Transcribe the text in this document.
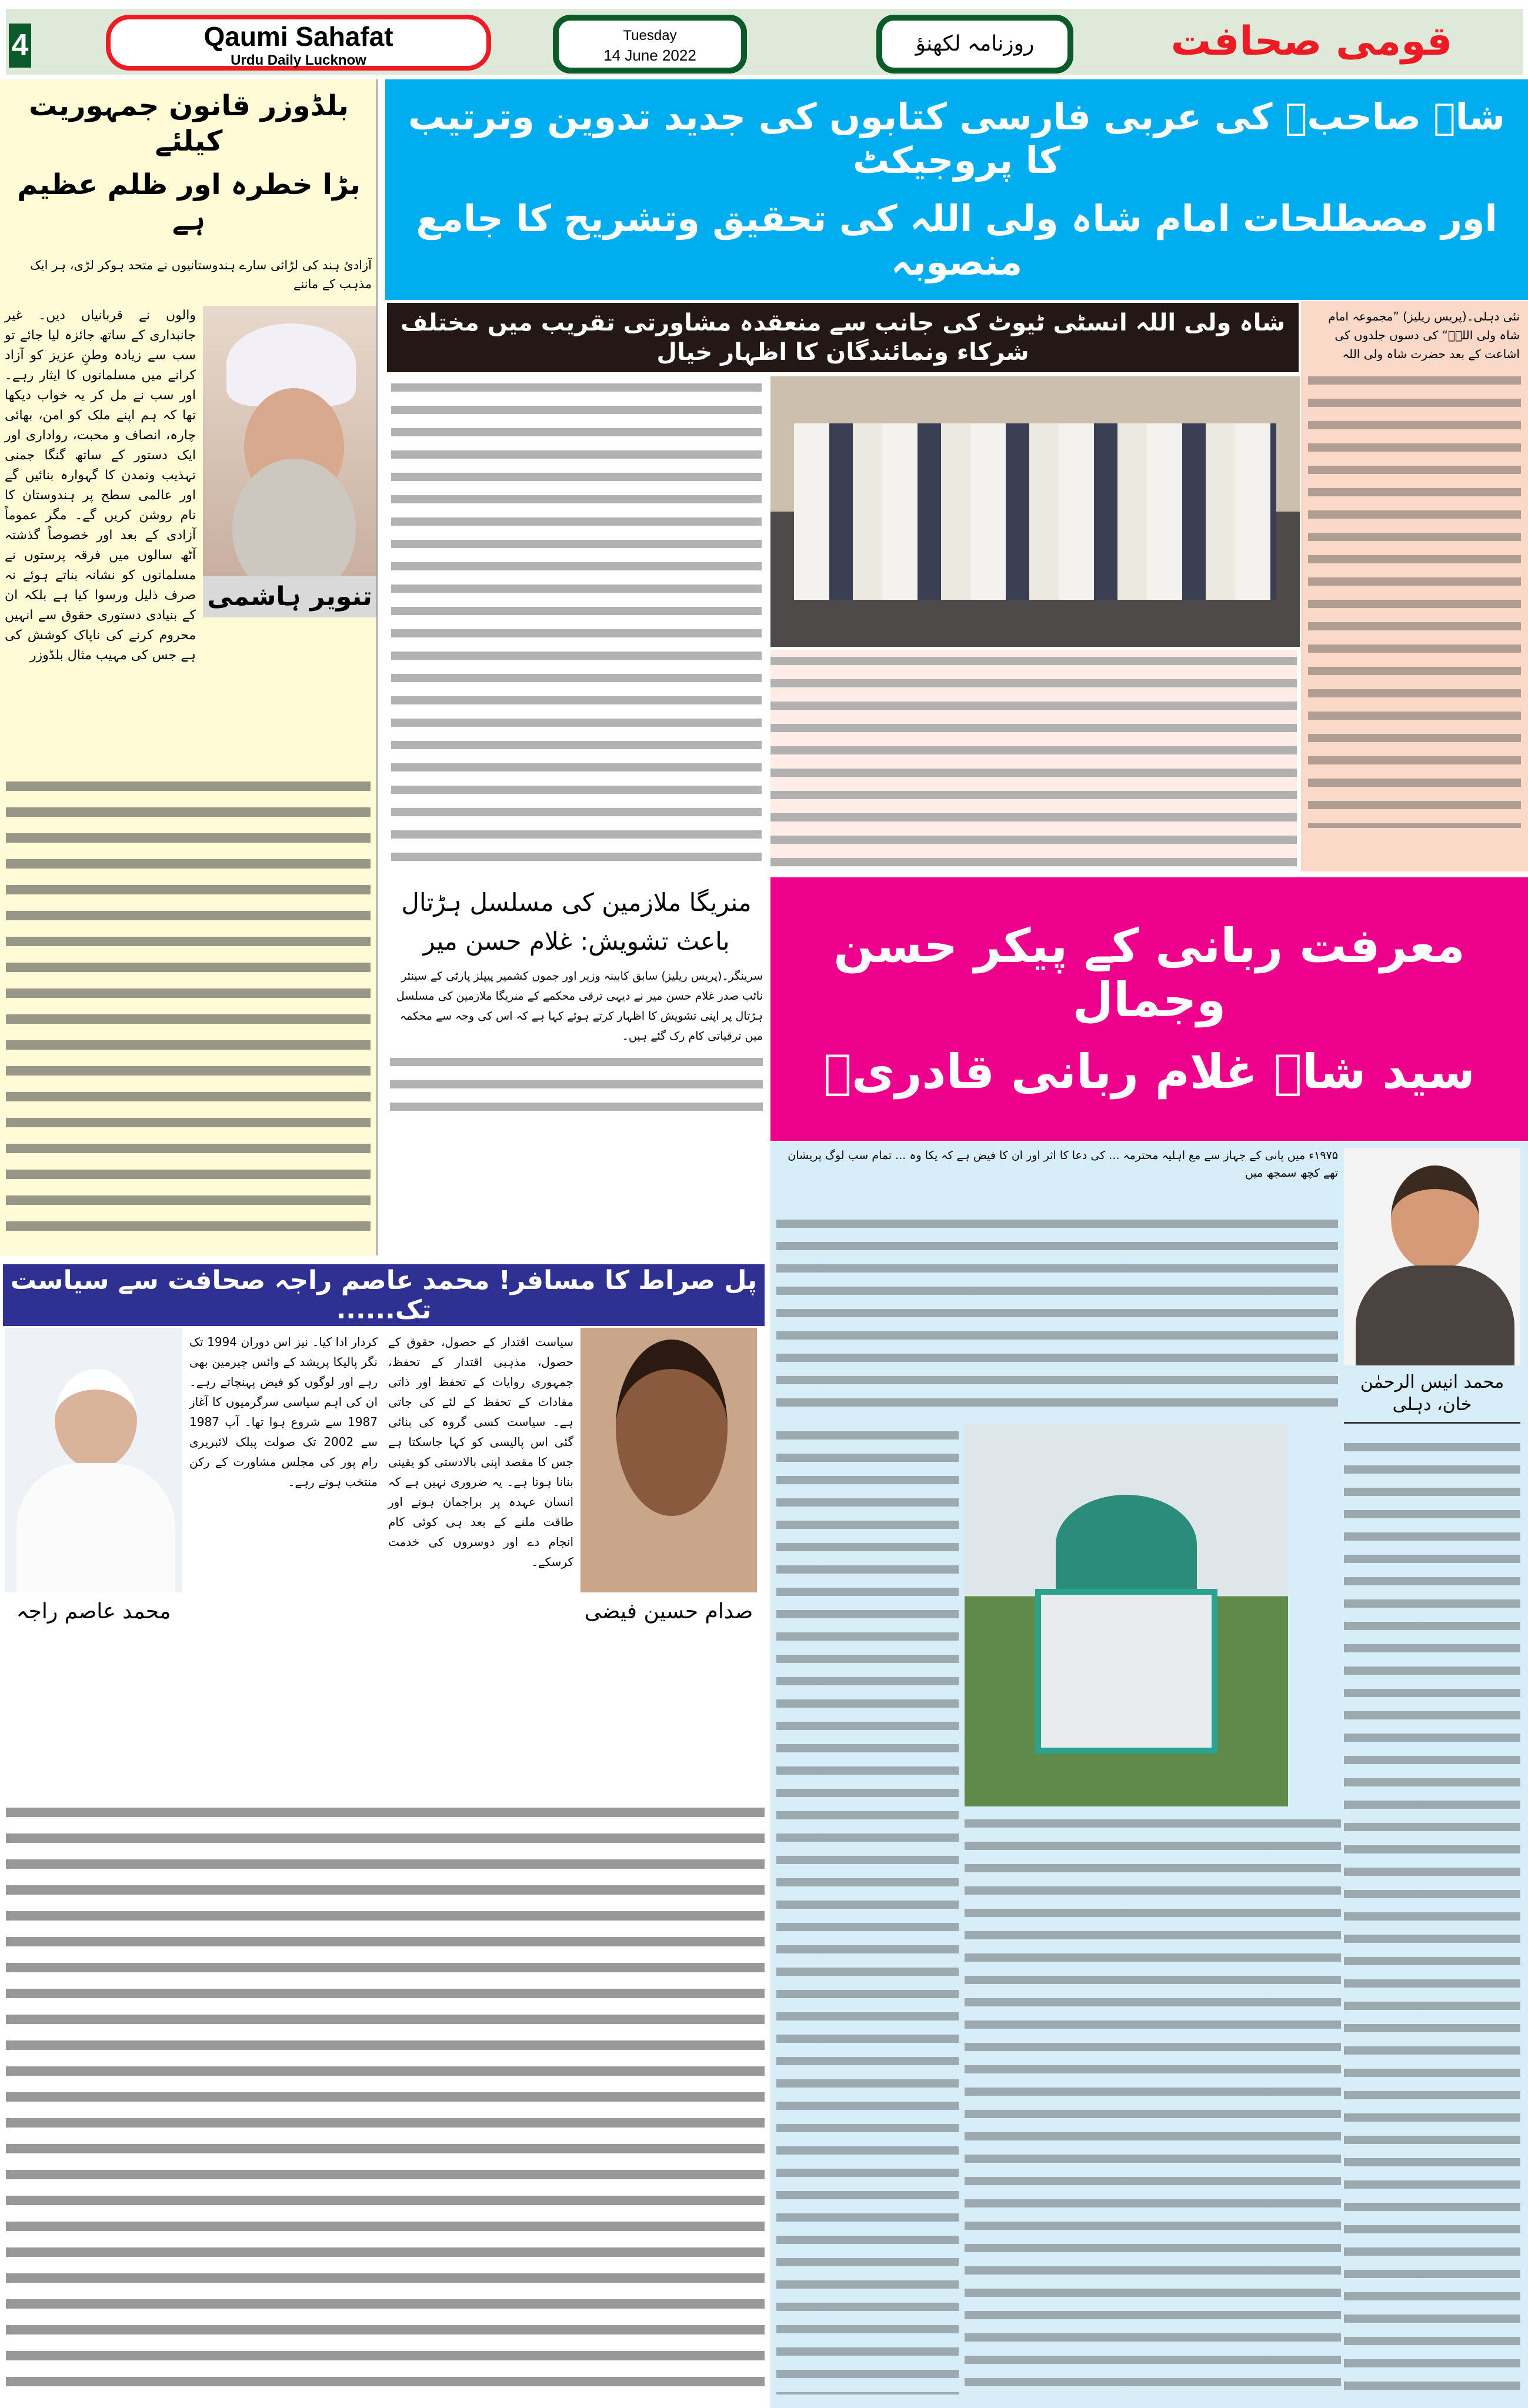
4	Qaumi Sahafat
Urdu Daily Lucknow
Tuesday
14 June 2022	روزنامہ لکھنؤ	قومی صحافت
بلڈوزر قانون جمہوریت کیلئے
بڑا خطرہ اور ظلم عظیم ہے
آزادیٔ ہند کی لڑائی سارے ہندوستانیوں نے متحد ہوکر لڑی، ہر ایک مذہب کے ماننے
تنویر ہاشمی
والوں نے قربانیاں دیں۔ غیر جانبداری کے ساتھ جائزہ لیا جائے تو سب سے زیادہ وطنِ عزیز کو آزاد کرانے میں مسلمانوں کا ایثار رہے۔ اور سب نے مل کر یہ خواب دیکھا تھا کہ ہم اپنے ملک کو امن، بھائی چارہ، انصاف و محبت، رواداری اور ایک دستور کے ساتھ گنگا جمنی تہذیب وتمدن کا گہوارہ بنائیں گے اور عالمی سطح پر ہندوستان کا نام روشن کریں گے۔ مگر عموماً آزادی کے بعد اور خصوصاً گذشتہ آٹھ سالوں میں فرقہ پرستوں نے مسلمانوں کو نشانہ بناتے ہوئے نہ صرف ذلیل ورسوا کیا ہے بلکہ ان کے بنیادی دستوری حقوق سے انہیں محروم کرنے کی ناپاک کوشش کی ہے جس کی مہیب مثال بلڈوزر
شاہ صاحبؒ کی عربی فارسی کتابوں کی جدید تدوین وترتیب کا پروجیکٹ
اور مصطلحات امام شاہ ولی اللہ کی تحقیق وتشریح کا جامع منصوبہ
شاہ ولی اللہ انسٹی ٹیوٹ کی جانب سے منعقدہ مشاورتی تقریب میں مختلف شرکاء ونمائندگان کا اظہار خیال
نئی دہلی۔(پریس ریلیز) ”مجموعہ امام شاہ ولی اللہؒ“ کی دسوں جلدوں کی اشاعت کے بعد حضرت شاہ ولی اللہ
منریگا ملازمین کی مسلسل ہڑتال
باعث تشویش: غلام حسن میر
سرینگر۔(پریس ریلیز) سابق کابینہ وزیر اور جموں کشمیر پیپلز پارٹی کے سینئر نائب صدر غلام حسن میر نے دیہی ترقی محکمے کے منریگا ملازمین کی مسلسل ہڑتال پر اپنی تشویش کا اظہار کرتے ہوئے کہا ہے کہ اس کی وجہ سے محکمہ میں ترقیاتی کام رک گئے ہیں۔
معرفت ربانی کے پیکر حسن وجمال
سید شاہ غلام ربانی قادریؒ
۱۹۷۵ء میں پانی کے جہاز سے مع اہلیہ محترمہ ... کی دعا کا اثر اور ان کا فیض ہے کہ یکا وہ ... تمام سب لوگ پریشان تھے کچھ سمجھ میں
محمد انیس الرحمٰن خان، دہلی
پل صراط کا مسافر! محمد عاصم راجہ صحافت سے سیاست تک......
محمد عاصم راجہ	صدام حسین فیضی
سیاست اقتدار کے حصول، حقوق کے حصول، مذہبی اقتدار کے تحفظ، جمہوری روایات کے تحفظ اور ذاتی مفادات کے تحفظ کے لئے کی جاتی ہے۔ سیاست کسی گروہ کی بنائی گئی اس پالیسی کو کہا جاسکتا ہے جس کا مقصد اپنی بالادستی کو یقینی بنانا ہوتا ہے۔ یہ ضروری نہیں ہے کہ انسان عہدہ پر براجمان ہونے اور طاقت ملنے کے بعد ہی کوئی کام انجام دے اور دوسروں کی خدمت کرسکے۔
کردار ادا کیا۔ نیز اس دوران 1994 تک نگر پالیکا پریشد کے وائس چیرمین بھی رہے اور لوگوں کو فیض پہنچاتے رہے۔ ان کی اہم سیاسی سرگرمیوں کا آغاز 1987 سے شروع ہوا تھا۔ آپ 1987 سے 2002 تک صولت پبلک لائبریری رام پور کی مجلس مشاورت کے رکن منتخب ہوتے رہے۔
